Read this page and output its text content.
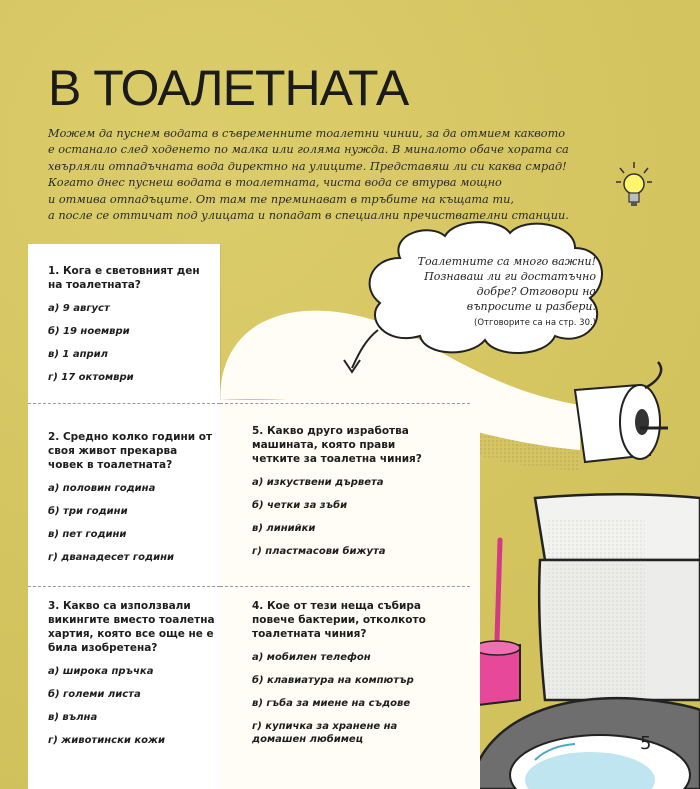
В ТОАЛЕТНАТА

Можем да пуснем водата в съвременните тоалетни чинии, за да отмием каквото

е останало след ходенето по малка или голяма нужда. В миналото обаче хората са

хвърляли отпадъчната вода директно на улиците. Представяш ли си каква смрад!

Когато днес пуснеш водата в тоалетната, чиста вода се втурва мощно

и отмива отпадъците. От там те преминават в тръбите на къщата ти,

а после се оттичат под улицата и попадат в специални пречиствателни станции.

Тоалетните са много важни!
Познаваш ли ги достатъчно
добре? Отговори на
въпросите и разбери.
(Отговорите са на стр. 30.)
1. Кога е световният ден на тоалетната?
а) 9 август
б) 19 ноември
в) 1 април
г) 17 октомври
2. Средно колко години от своя живот прекарва човек в тоалетната?
а) половин година
б) три години
в) пет години
г) дванадесет години
3. Какво са използвали викингите вместо тоалетна хартия, която все още не е била изобретена?
а) широка пръчка
б) големи листа
в) вълна
г) животински кожи
5. Какво друго изработва машината, която прави четките за тоалетна чиния?
а) изкуствени дървета
б) четки за зъби
в) линийки
г) пластмасови бижута
4. Кое от тези неща събира повече бактерии, отколкото тоалетната чиния?
а) мобилен телефон
б) клавиатура на компютър
в) гъба за миене на съдове
г) купичка за хранене на домашен любимец	5
